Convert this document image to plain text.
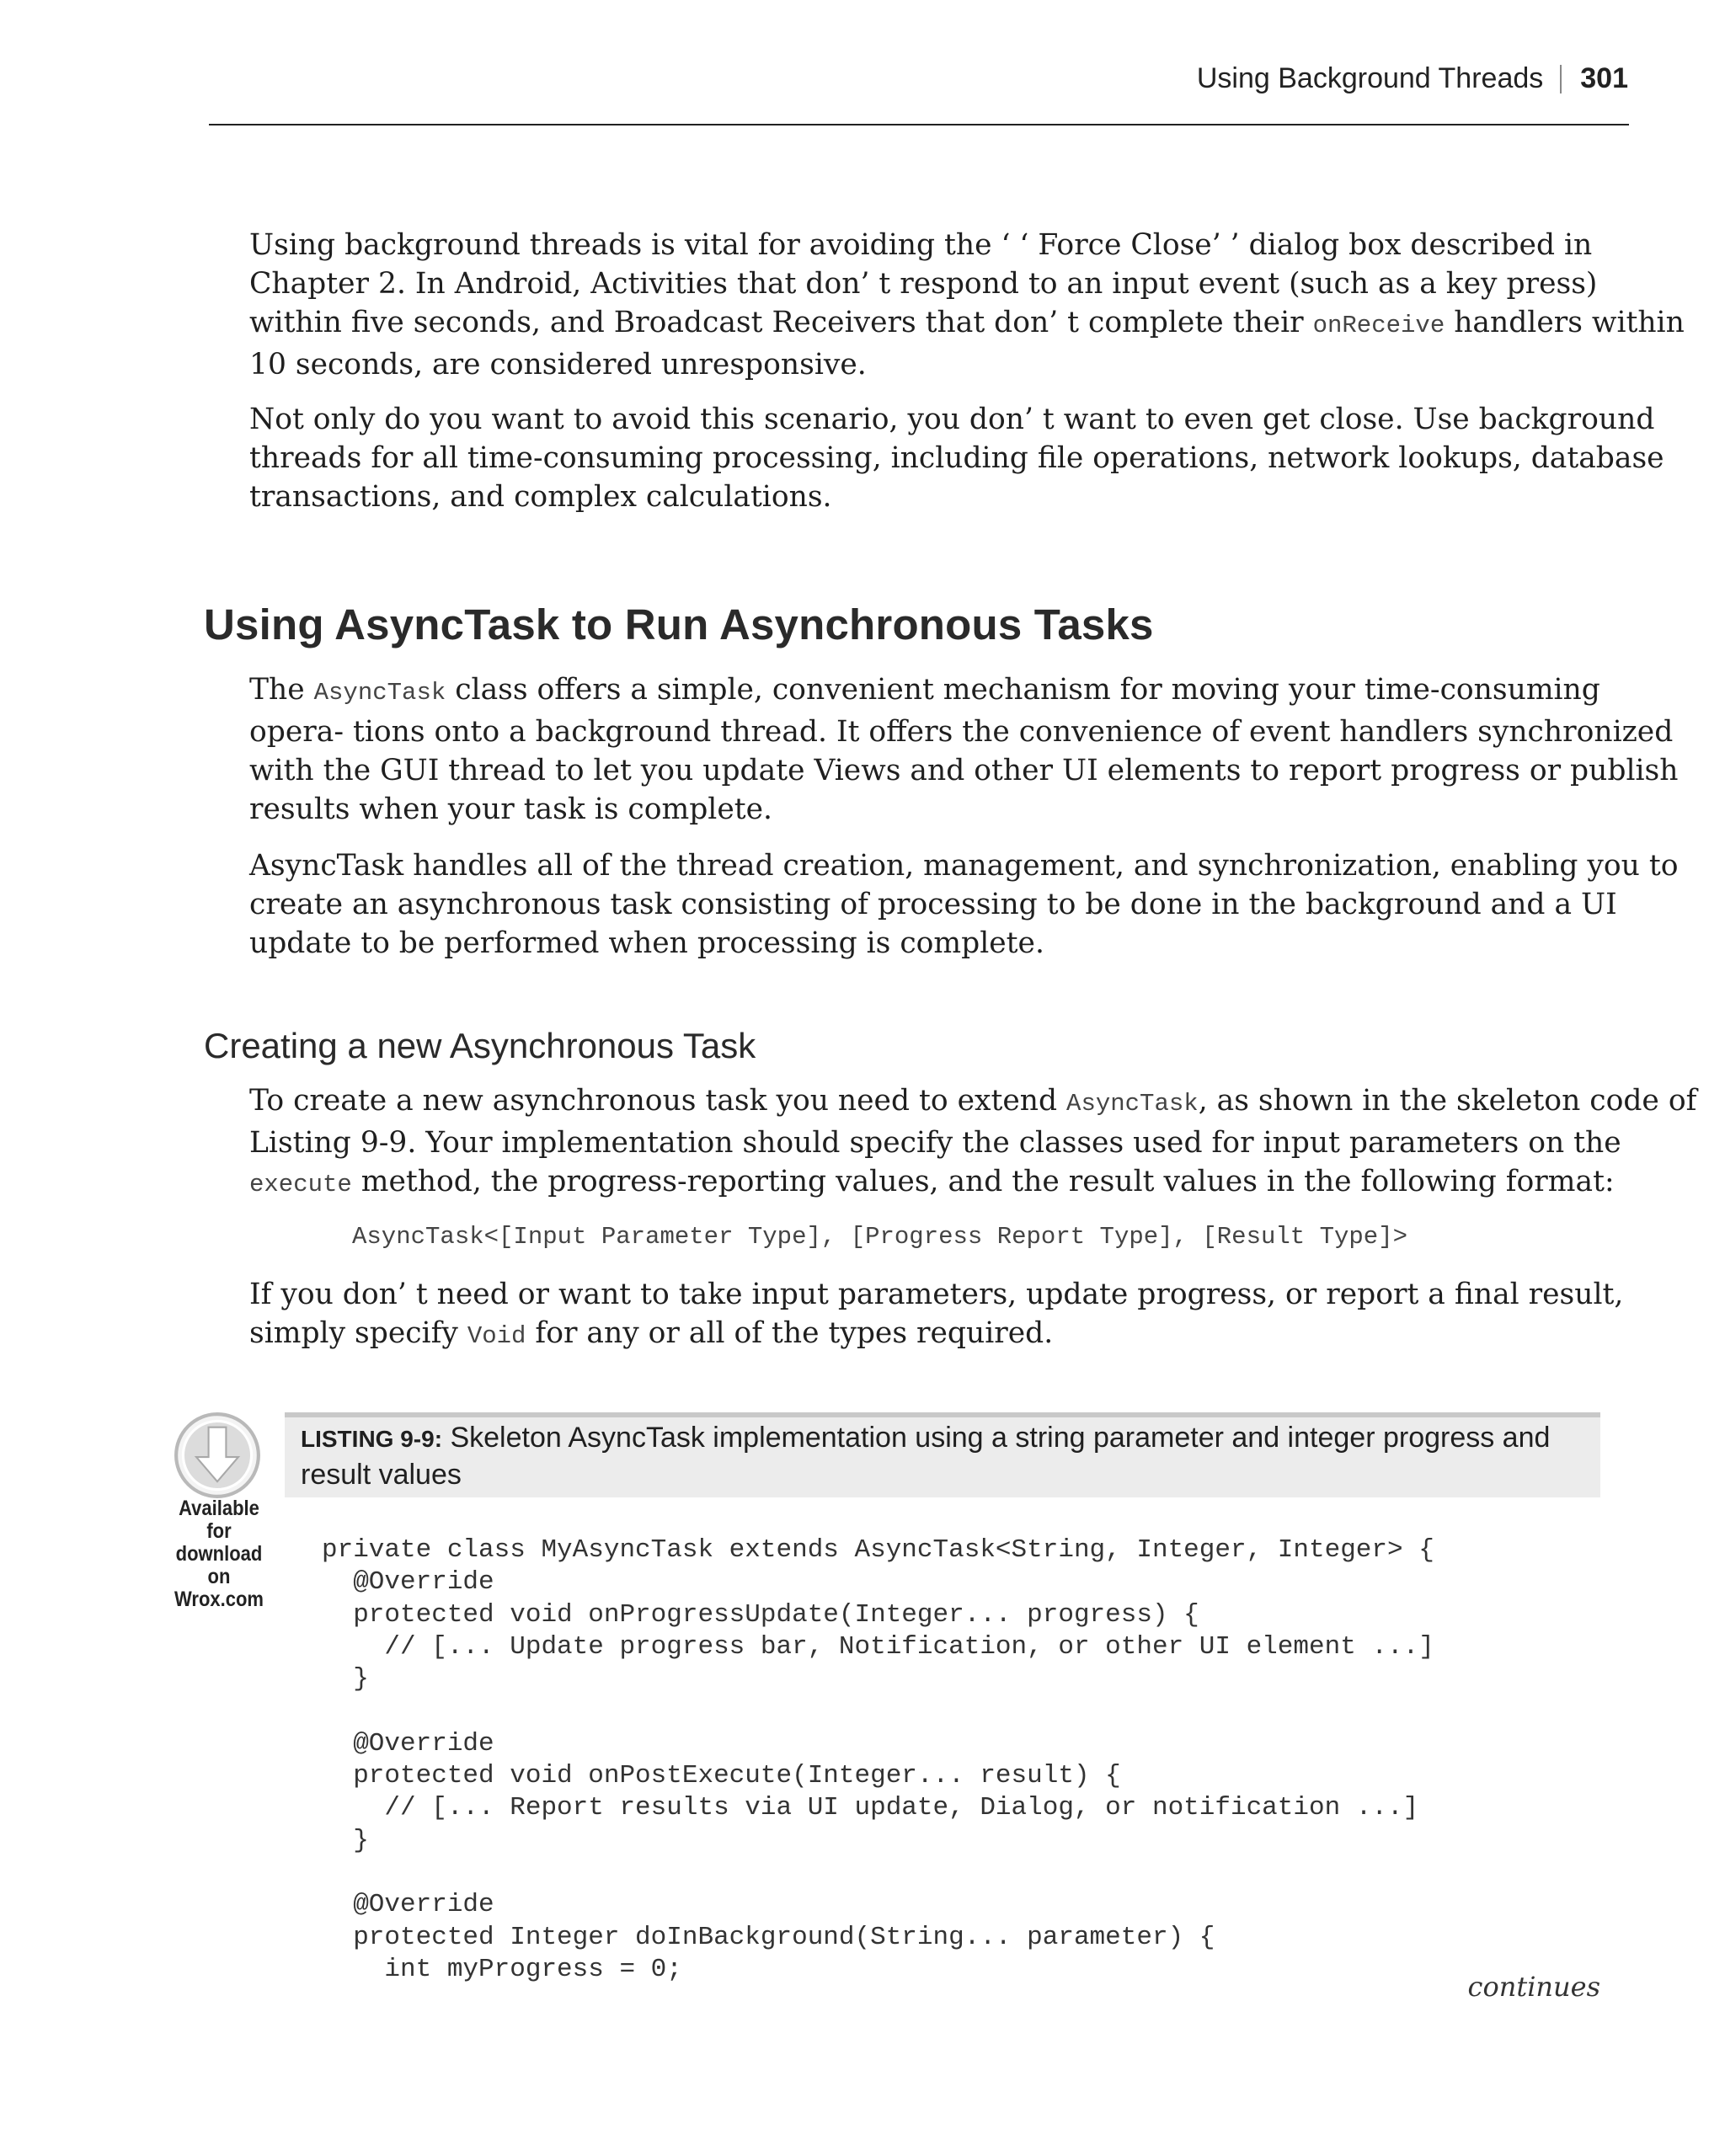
Using Background Threads 301

Using background threads is vital for avoiding the ‘ ‘ Force Close’ ’ dialog box described in Chapter 2. In Android, Activities that don’ t respond to an input event (such as a key press) within five seconds, and Broadcast Receivers that don’ t complete their onReceive handlers within 10 seconds, are considered unresponsive.

Not only do you want to avoid this scenario, you don’ t want to even get close. Use background threads for all time-consuming processing, including file operations, network lookups, database transactions, and complex calculations.

Using AsyncTask to Run Asynchronous Tasks

The AsyncTask class offers a simple, convenient mechanism for moving your time-consuming opera- tions onto a background thread. It offers the convenience of event handlers synchronized with the GUI thread to let you update Views and other UI elements to report progress or publish results when your task is complete.

AsyncTask handles all of the thread creation, management, and synchronization, enabling you to create an asynchronous task consisting of processing to be done in the background and a UI update to be performed when processing is complete.

Creating a new Asynchronous Task

To create a new asynchronous task you need to extend AsyncTask, as shown in the skeleton code of Listing 9-9. Your implementation should specify the classes used for input parameters on the execute method, the progress-reporting values, and the result values in the following format:

AsyncTask<[Input Parameter Type], [Progress Report Type], [Result Type]>

If you don’ t need or want to take input parameters, update progress, or report a final result, simply specify Void for any or all of the types required.

LISTING 9-9: Skeleton AsyncTask implementation using a string parameter and integer progress and result values
Available for download on Wrox.com
private class MyAsyncTask extends AsyncTask<String, Integer, Integer> {
@Override
protected void onProgressUpdate(Integer... progress) {
// [... Update progress bar, Notification, or other UI element ...]
}

@Override
protected void onPostExecute(Integer... result) {
// [... Report results via UI update, Dialog, or notification ...]
}

@Override
protected Integer doInBackground(String... parameter) {
int myProgress = 0;
continues
